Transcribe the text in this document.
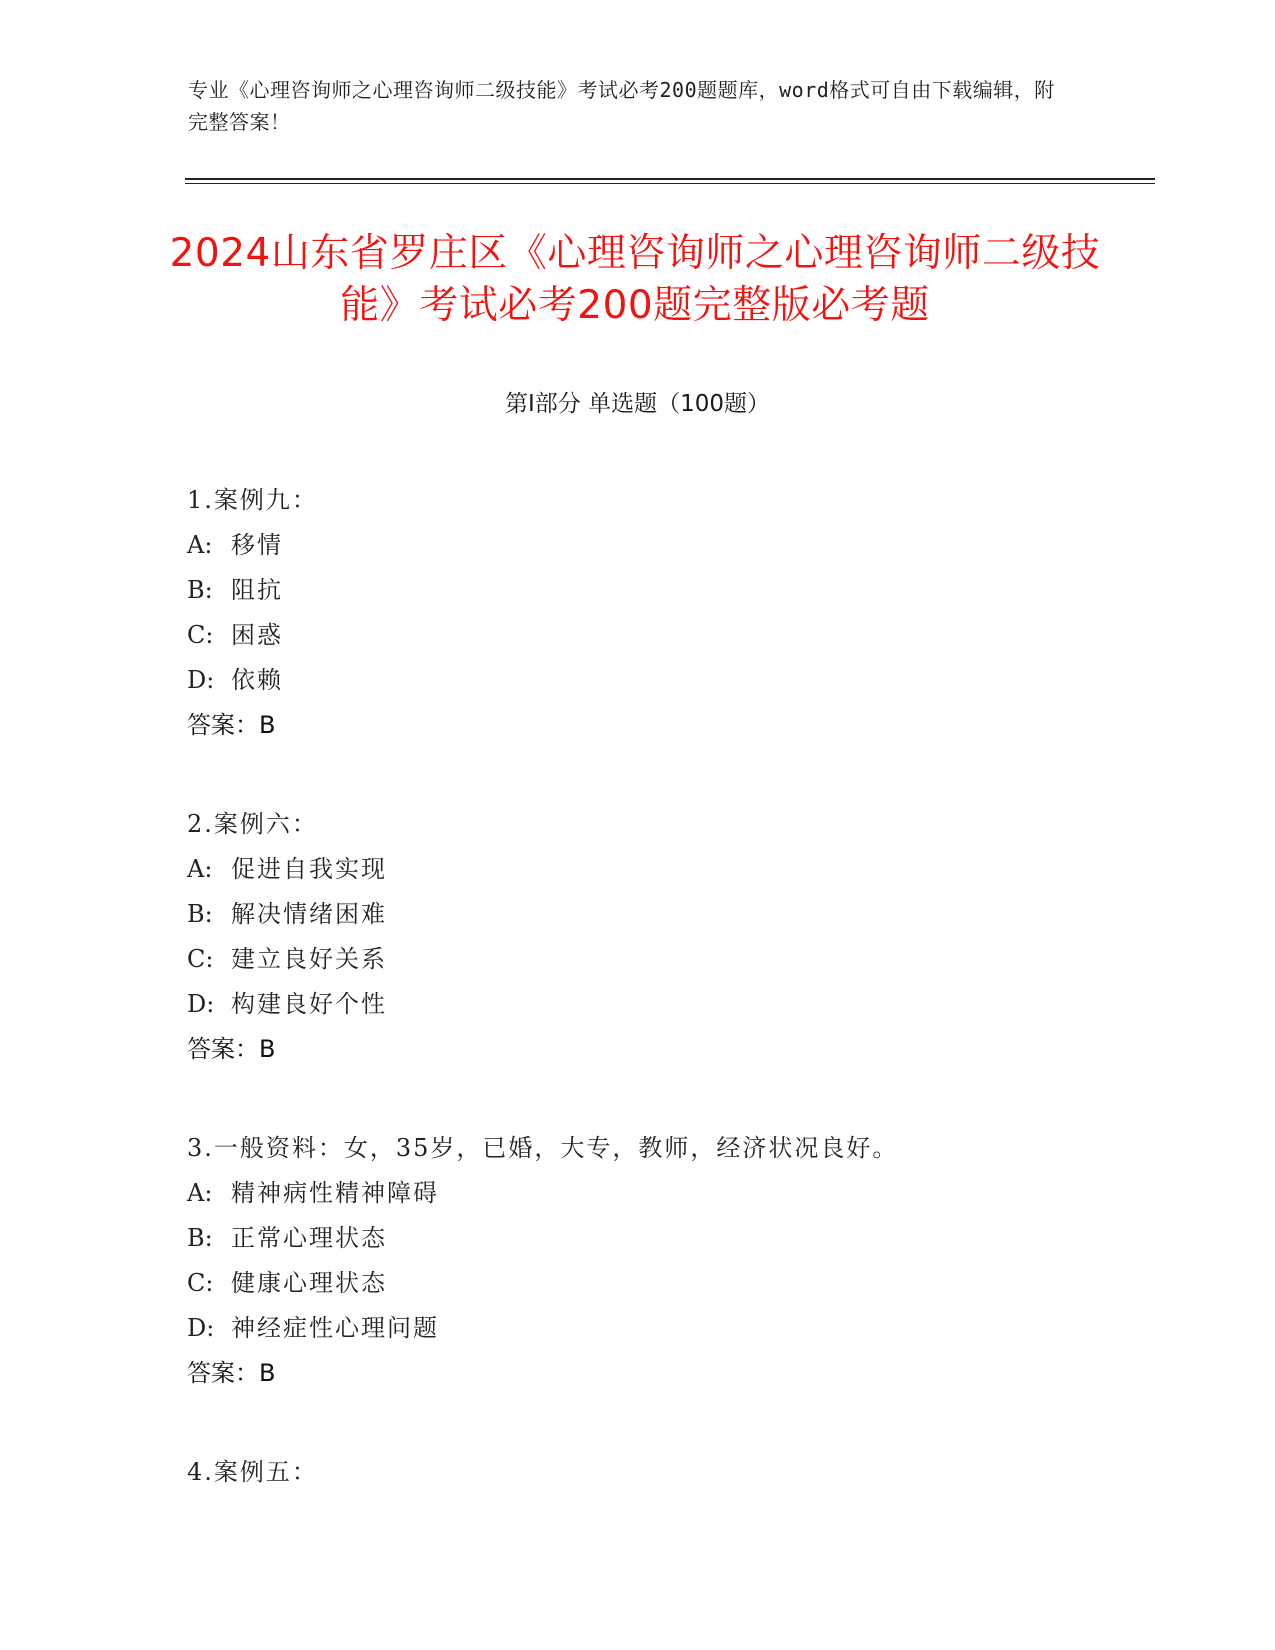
专业《心理咨询师之心理咨询师二级技能》考试必考200题题库，word格式可自由下载编辑，附完整答案！
2024山东省罗庄区《心理咨询师之心理咨询师二级技能》考试必考200题完整版必考题
第Ⅰ部分 单选题（100题）
1.案例九：
A: 移情
B: 阻抗
C: 困惑
D: 依赖
答案：B
2.案例六：
A: 促进自我实现
B: 解决情绪困难
C: 建立良好关系
D: 构建良好个性
答案：B
3.一般资料：女，35岁，已婚，大专，教师，经济状况良好。
A: 精神病性精神障碍
B: 正常心理状态
C: 健康心理状态
D: 神经症性心理问题
答案：B
4.案例五：
